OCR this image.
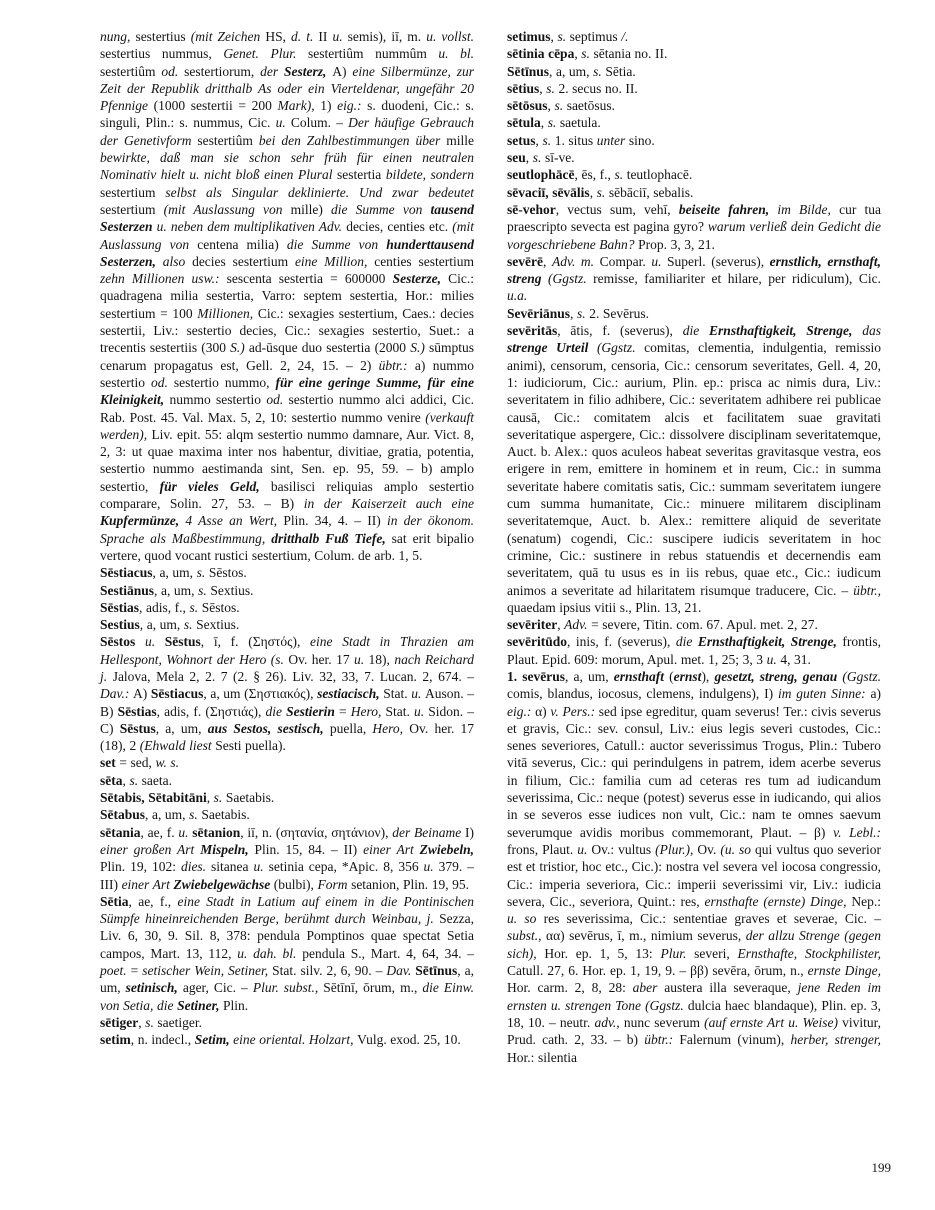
nung, sestertius (mit Zeichen HS, d. t. II u. semis), iī, m. u. vollst. sestertius nummus, Genet. Plur. sestertiûm nummûm u. bl. sestertiûm od. sestertiorum, der Sesterz, A) eine Silbermünze, zur Zeit der Republik dritthalb As oder ein Vierteldenar, ungefähr 20 Pfennige (1000 sestertii = 200 Mark), 1) eig.: s. duodeni, Cic.: s. singuli, Plin.: s. nummus, Cic. u. Colum. – Der häufige Gebrauch der Genetivform sestertiûm bei den Zahlbestimmungen über mille bewirkte, daß man sie schon sehr früh für einen neutralen Nominativ hielt u. nicht bloß einen Plural sestertia bildete, sondern sestertium selbst als Singular deklinierte. Und zwar bedeutet sestertium (mit Auslassung von mille) die Summe von tausend Sesterzen u. neben dem multiplikativen Adv. decies, centies etc. (mit Auslassung von centena milia) die Summe von hunderttausend Sesterzen, also decies sestertium eine Million, centies sestertium zehn Millionen usw.: sescenta sestertia = 600000 Sesterze, Cic.: quadragena milia sestertia, Varro: septem sestertia, Hor.: milies sestertium = 100 Millionen, Cic.: sexagies sestertium, Caes.: decies sestertii, Liv.: sestertio decies, Cic.: sexagies sestertio, Suet.: a trecentis sestertiis (300 S.) ad-ūsque duo sestertia (2000 S.) sūmptus cenarum propagatus est, Gell. 2, 24, 15. – 2) übtr.: a) nummo sestertio od. sestertio nummo, für eine geringe Summe, für eine Kleinigkeit, nummo sestertio od. sestertio nummo alci addici, Cic. Rab. Post. 45. Val. Max. 5, 2, 10: sestertio nummo venire (verkauft werden), Liv. epit. 55: alqm sestertio nummo damnare, Aur. Vict. 8, 2, 3: ut quae maxima inter nos habentur, divitiae, gratia, potentia, sestertio nummo aestimanda sint, Sen. ep. 95, 59. – b) amplo sestertio, für vieles Geld, basilisci reliquias amplo sestertio comparare, Solin. 27, 53. – B) in der Kaiserzeit auch eine Kupfermünze, 4 Asse an Wert, Plin. 34, 4. – II) in der ökonom. Sprache als Maßbestimmung, dritthalb Fuß Tiefe, sat erit bipalio vertere, quod vocant rustici sestertium, Colum. de arb. 1, 5.

Sēstiacus, a, um, s. Sēstos.

Sestiānus, a, um, s. Sextius.

Sēstias, adis, f., s. Sēstos.

Sestius, a, um, s. Sextius.

Sēstos u. Sēstus, ī, f. (Σηστός), eine Stadt in Thrazien am Hellespont, Wohnort der Hero (s. Ov. her. 17 u. 18), nach Reichard j. Jalova, Mela 2, 2. 7 (2. § 26). Liv. 32, 33, 7. Lucan. 2, 674. – Dav.: A) Sēstiacus, a, um (Σηστιακός), sestiacisch, Stat. u. Auson. – B) Sēstias, adis, f. (Σηστιάς), die Sestierin = Hero, Stat. u. Sidon. – C) Sēstus, a, um, aus Sestos, sestisch, puella, Hero, Ov. her. 17 (18), 2 (Ehwald liest Sesti puella).

set = sed, w. s.

sēta, s. saeta.

Sētabis, Sētabitāni, s. Saetabis.

Sētabus, a, um, s. Saetabis.

sētania, ae, f. u. sētanion, iī, n. (σητανία, σητάνιον), der Beiname I) einer großen Art Mispeln, Plin. 15, 84. – II) einer Art Zwiebeln, Plin. 19, 102: dies. sitanea u. setinia cepa, *Apic. 8, 356 u. 379. – III) einer Art Zwiebelgewächse (bulbi), Form setanion, Plin. 19, 95.

Sētia, ae, f., eine Stadt in Latium auf einem in die Pontinischen Sümpfe hineinreichenden Berge, berühmt durch Weinbau, j. Sezza, Liv. 6, 30, 9. Sil. 8, 378: pendula Pomptinos quae spectat Setia campos, Mart. 13, 112, u. dah. bl. pendula S., Mart. 4, 64, 34. – poet. = setischer Wein, Setiner, Stat. silv. 2, 6, 90. – Dav. Sētīnus, a, um, setinisch, ager, Cic. – Plur. subst., Sētīnī, ōrum, m., die Einw. von Setia, die Setiner, Plin.

sētiger, s. saetiger.

setim, n. indecl., Setim, eine oriental. Holzart, Vulg. exod. 25, 10.

setimus, s. septimus /.

sētinia cēpa, s. sētania no. II.

Sētīnus, a, um, s. Sētia.

sētius, s. 2. secus no. II.

sētōsus, s. saetōsus.

sētula, s. saetula.

setus, s. 1. situs unter sino.

seu, s. sī-ve.

seutlophācē, ēs, f., s. teutlophacē.

sēvaciī, sēvālis, s. sēbāciī, sebalis.

sē-vehor, vectus sum, vehī, beiseite fahren, im Bilde, cur tua praescripto sevecta est pagina gyro? warum verließ dein Gedicht die vorgeschriebene Bahn? Prop. 3, 3, 21.

sevērē, Adv. m. Compar. u. Superl. (severus), ernstlich, ernsthaft, streng (Ggstz. remisse, familiariter et hilare, per ridiculum), Cic. u.a.

Sevēriānus, s. 2. Sevērus.

sevēritās, ātis, f. (severus), die Ernsthaftigkeit, Strenge, das strenge Urteil (Ggstz. comitas, clementia, indulgentia, remissio animi), censorum, censoria, Cic.: censorum severitates, Gell. 4, 20, 1: iudiciorum, Cic.: aurium, Plin. ep.: prisca ac nimis dura, Liv.: severitatem in filio adhibere, Cic.: severitatem adhibere rei publicae causā, Cic.: comitatem alcis et facilitatem suae gravitati severitatique aspergere, Cic.: dissolvere disciplinam severitatemque, Auct. b. Alex.: quos aculeos habeat severitas gravitasque vestra, eos erigere in rem, emittere in hominem et in reum, Cic.: in summa severitate habere comitatis satis, Cic.: summam severitatem iungere cum summa humanitate, Cic.: minuere militarem disciplinam severitatemque, Auct. b. Alex.: remittere aliquid de severitate (senatum) cogendi, Cic.: suscipere iudicis severitatem in hoc crimine, Cic.: sustinere in rebus statuendis et decernendis eam severitatem, quā tu usus es in iis rebus, quae etc., Cic.: iudicum animos a severitate ad hilaritatem risumque traducere, Cic. – übtr., quaedam ipsius vitii s., Plin. 13, 21.

sevēriter, Adv. = severe, Titin. com. 67. Apul. met. 2, 27.

sevēritūdo, inis, f. (severus), die Ernsthaftigkeit, Strenge, frontis, Plaut. Epid. 609: morum, Apul. met. 1, 25; 3, 3 u. 4, 31.

1. sevērus, a, um, ernsthaft (ernst), gesetzt, streng, genau (Ggstz. comis, blandus, iocosus, clemens, indulgens), I) im guten Sinne: a) eig.: α) v. Pers.: sed ipse egreditur, quam severus! Ter.: civis severus et gravis, Cic.: sev. consul, Liv.: eius legis severi custodes, Cic.: senes severiores, Catull.: auctor severissimus Trogus, Plin.: Tubero vitā severus, Cic.: qui perindulgens in patrem, idem acerbe severus in filium, Cic.: familia cum ad ceteras res tum ad iudicandum severissima, Cic.: neque (potest) severus esse in iudicando, qui alios in se severos esse iudices non vult, Cic.: nam te omnes saevum severumque avidis moribus commemorant, Plaut. – β) v. Lebl.: frons, Plaut. u. Ov.: vultus (Plur.), Ov. (u. so qui vultus quo severior est et tristior, hoc etc., Cic.): nostra vel severa vel iocosa congressio, Cic.: imperia severiora, Cic.: imperii severissimi vir, Liv.: iudicia severa, Cic., severiora, Quint.: res, ernsthafte (ernste) Dinge, Nep.: u. so res severissima, Cic.: sententiae graves et severae, Cic. – subst., αα) sevērus, ī, m., nimium severus, der allzu Strenge (gegen sich), Hor. ep. 1, 5, 13: Plur. severi, Ernsthafte, Stockphilister, Catull. 27, 6. Hor. ep. 1, 19, 9. – ββ) sevēra, ōrum, n., ernste Dinge, Hor. carm. 2, 8, 28: aber austera illa severaque, jene Reden im ernsten u. strengen Tone (Ggstz. dulcia haec blandaque), Plin. ep. 3, 18, 10. – neutr. adv., nunc severum (auf ernste Art u. Weise) vivitur, Prud. cath. 2, 33. – b) übtr.: Falernum (vinum), herber, strenger, Hor.: silentia

199
